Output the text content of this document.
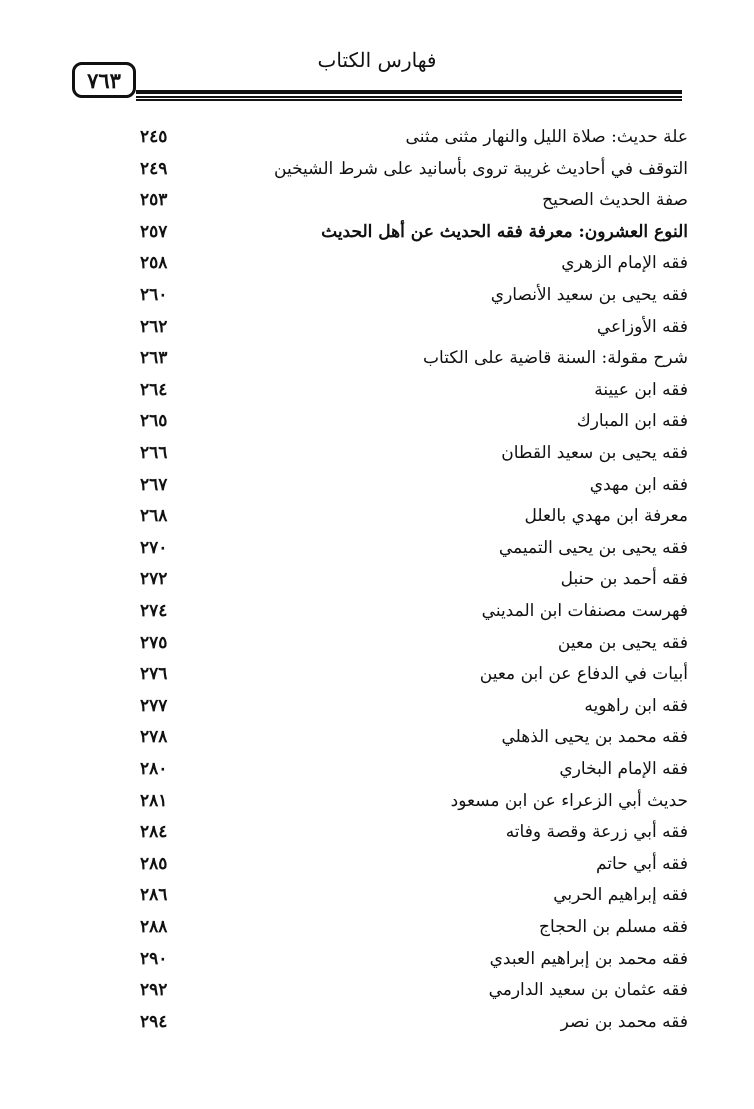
فهارس الكتاب
٧٦٣
علة حديث: صلاة الليل والنهار مثنى مثنى
٢٤٥
التوقف في أحاديث غريبة تروى بأسانيد على شرط الشيخين
٢٤٩
صفة الحديث الصحيح
٢٥٣
النوع العشرون: معرفة فقه الحديث عن أهل الحديث
٢٥٧
فقه الإمام الزهري
٢٥٨
فقه يحيى بن سعيد الأنصاري
٢٦٠
فقه الأوزاعي
٢٦٢
شرح مقولة: السنة قاضية على الكتاب
٢٦٣
فقه ابن عيينة
٢٦٤
فقه ابن المبارك
٢٦٥
فقه يحيى بن سعيد القطان
٢٦٦
فقه ابن مهدي
٢٦٧
معرفة ابن مهدي بالعلل
٢٦٨
فقه يحيى بن يحيى التميمي
٢٧٠
فقه أحمد بن حنبل
٢٧٢
فهرست مصنفات ابن المديني
٢٧٤
فقه يحيى بن معين
٢٧٥
أبيات في الدفاع عن ابن معين
٢٧٦
فقه ابن راهويه
٢٧٧
فقه محمد بن يحيى الذهلي
٢٧٨
فقه الإمام البخاري
٢٨٠
حديث أبي الزعراء عن ابن مسعود
٢٨١
فقه أبي زرعة وقصة وفاته
٢٨٤
فقه أبي حاتم
٢٨٥
فقه إبراهيم الحربي
٢٨٦
فقه مسلم بن الحجاج
٢٨٨
فقه محمد بن إبراهيم العبدي
٢٩٠
فقه عثمان بن سعيد الدارمي
٢٩٢
فقه محمد بن نصر
٢٩٤
